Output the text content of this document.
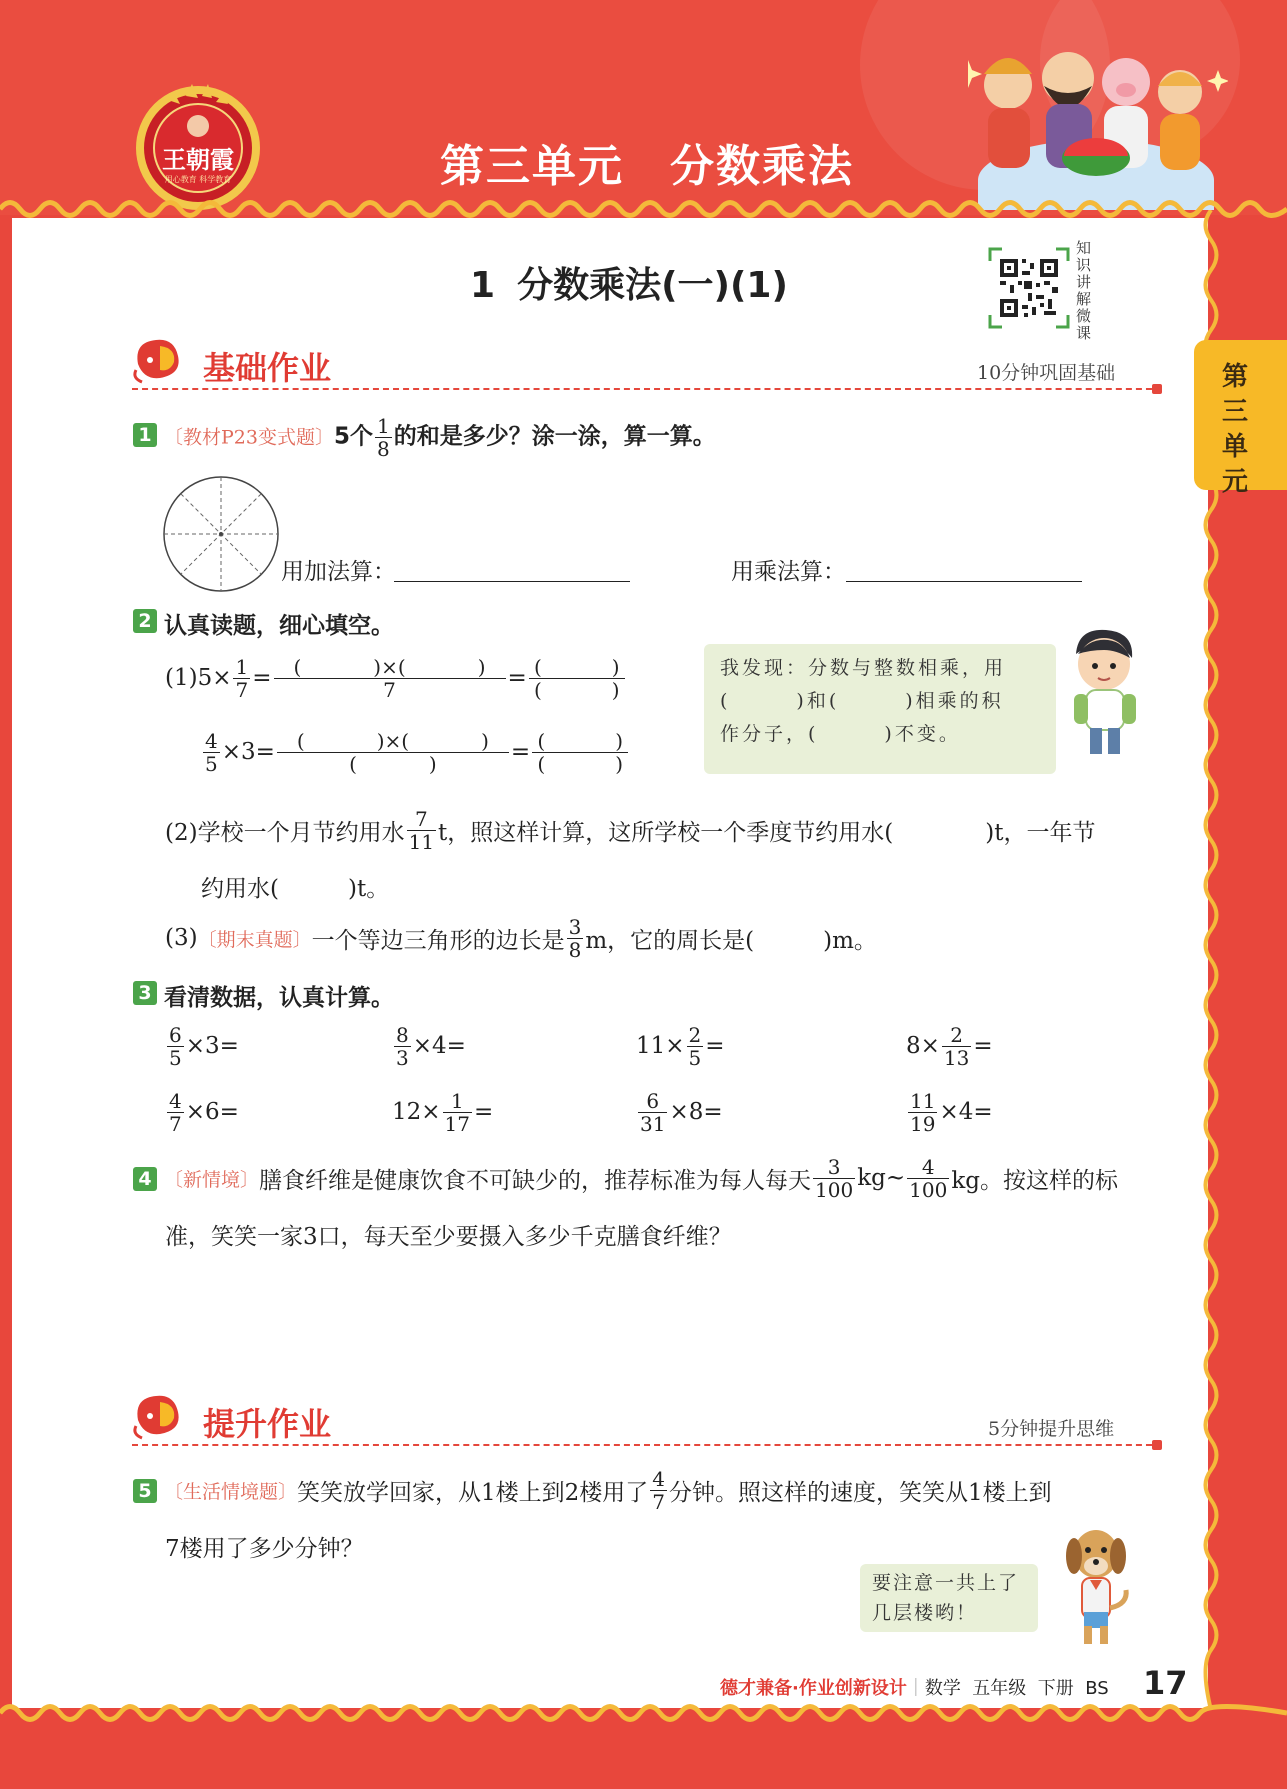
王朝霞
用心教育 科学教育	第三单元　分数乘法
第三单元
1 分数乘法(一)(1)
知识讲解微课
基础作业	10分钟巩固基础
1 〔教材P23变式题〕5个 $\frac{1}{8}$ 的和是多少？涂一涂，算一算。
用加法算：	用乘法算：
2 认真读题，细心填空。
$(1)5\times \frac{1}{7}$ =	(	)×(	)
7	= (	)
(	)
$\frac{4}{5} \times 3=$	(	)×(	)
(	)	= (	)
(	)
我发现：分数与整数相乘，用
(　　　)和(　　　)相乘的积
作分子，(　　　)不变。
(2)学校一个月节约用水
7
11 t，照这样计算，这所学校一个季度节约用水(　　　　)t，一年节
约用水(　　　)t。
(3) 〔期末真题〕 一个等边三角形的边长是
3
8 m，它的周长是(　　　)m。
3 看清数据，认真计算。
$\frac{6}{5} \times 3=$	$\frac{8}{3} \times 4=$	$11\times \frac{2}{5}$ =	$8\times \frac{2}{13}$ =
$\frac{4}{7} \times 6=$	$12\times \frac{1}{17}$ =	$\frac{6}{31} \times 8=$	$\frac{11}{19} \times 4=$
4 〔新情境〕 膳食纤维是健康饮食不可缺少的，推荐标准为每人每天
3
100 kg~ 4
100 kg。按这样的标
准，笑笑一家3口，每天至少要摄入多少千克膳食纤维？
提升作业	5分钟提升思维
5 〔生活情境题〕 笑笑放学回家，从1楼上到2楼用了
4
7 分钟。照这样的速度，笑笑从1楼上到
7楼用了多少分钟？
要注意一共上了
几层楼哟！
德才兼备·作业创新设计｜数学 五年级 下册 BS 17
